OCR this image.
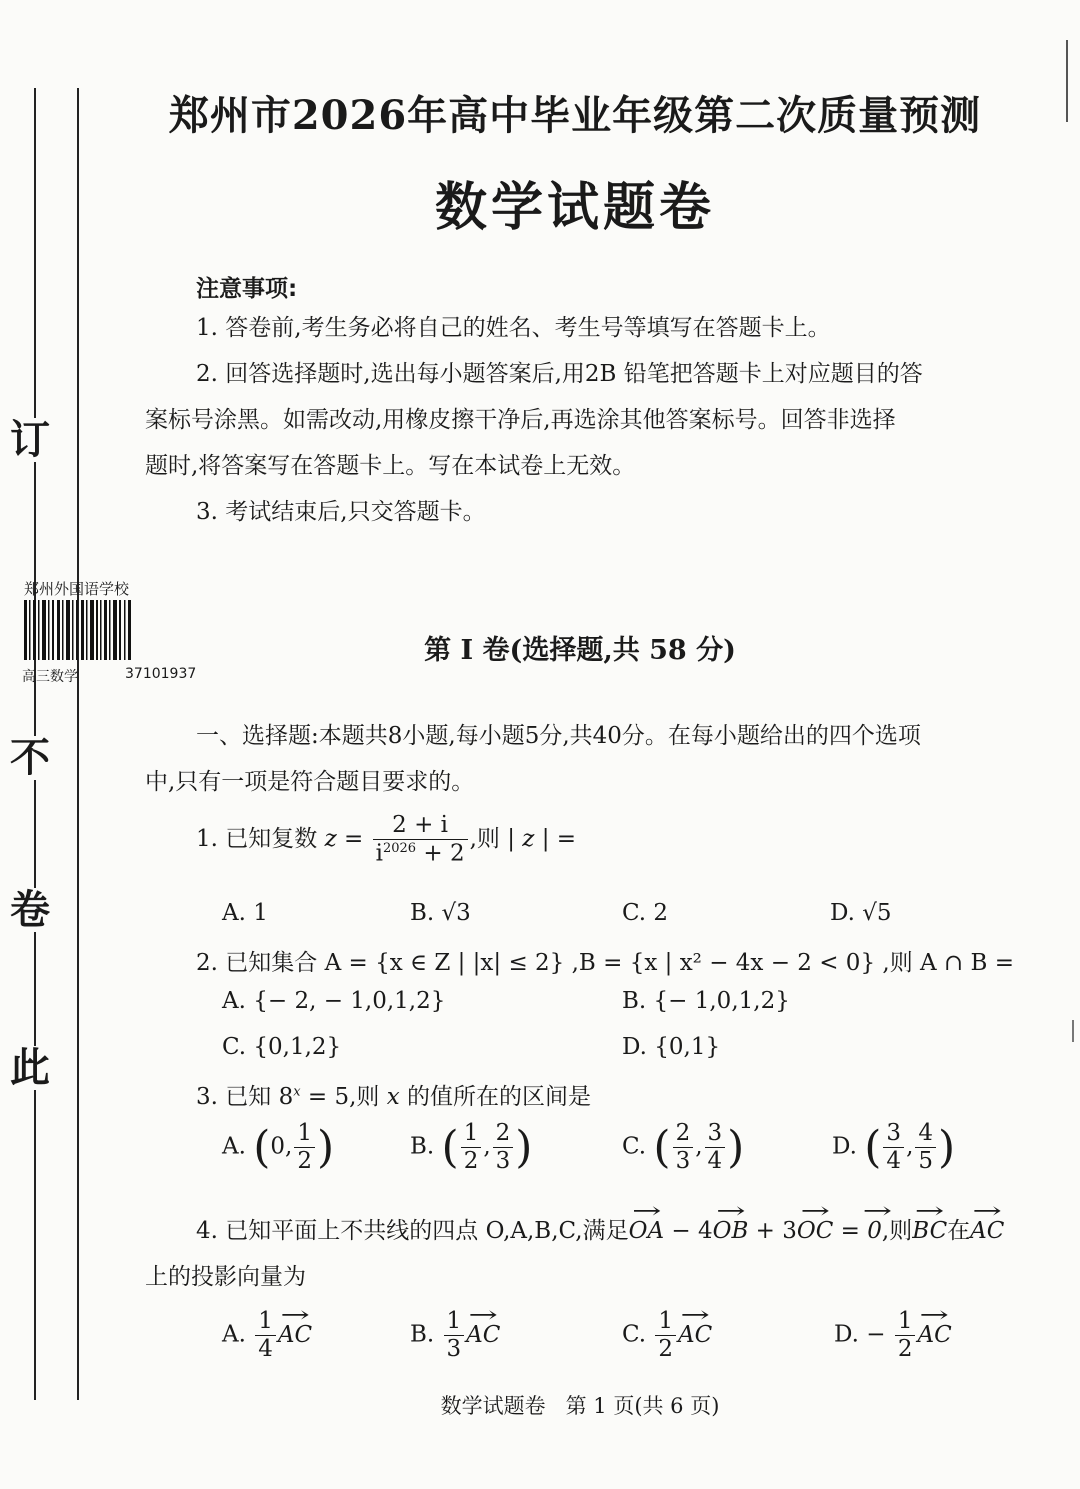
订
不
卷
此
郑州市2026年高中毕业年级第二次质量预测
数学试题卷
注意事项:
1. 答卷前,考生务必将自己的姓名、考生号等填写在答题卡上。
2. 回答选择题时,选出每小题答案后,用2B 铅笔把答题卡上对应题目的答
案标号涂黑。如需改动,用橡皮擦干净后,再选涂其他答案标号。回答非选择
题时,将答案写在答题卡上。写在本试卷上无效。
3. 考试结束后,只交答题卡。
郑州外国语学校
高三数学	37101937
第 I 卷(选择题,共 58 分)
一、选择题:本题共8小题,每小题5分,共40分。在每小题给出的四个选项
中,只有一项是符合题目要求的。
1. 已知复数 $z = \frac{2 + i}{i^{2026} + 2}$ ,则 | z | =
A. 1	B. √3	C. 2	D. √5
2. 已知集合 A = {x ∈ Z | |x| ≤ 2} ,B = {x | x² − 4x − 2 < 0} ,则 A ∩ B =
A. {− 2, − 1,0,1,2}	B. {− 1,0,1,2}
C. {0,1,2}	D. {0,1}
3. 已知 $8^x = 5$,则 x 的值所在的区间是
A. (0, $\frac{1}{2}$ )	B. ( $\frac{1}{2}$ , $\frac{2}{3}$ )	C. ( $\frac{2}{3}$ , $\frac{3}{4}$ )	D. ( $\frac{3}{4}$ , $\frac{4}{5}$ )
4. 已知平面上不共线的四点 O,A,B,C,满足→ OA − 4→ OB + 3→ OC = → 0,则→ BC在→ AC
上的投影向量为
A. $\frac{1}{4}$ → AC	B. $\frac{1}{3}$ → AC	C. $\frac{1}{2}$ → AC	D. − $\frac{1}{2}$ → AC
数学试题卷   第 1 页(共 6 页)
